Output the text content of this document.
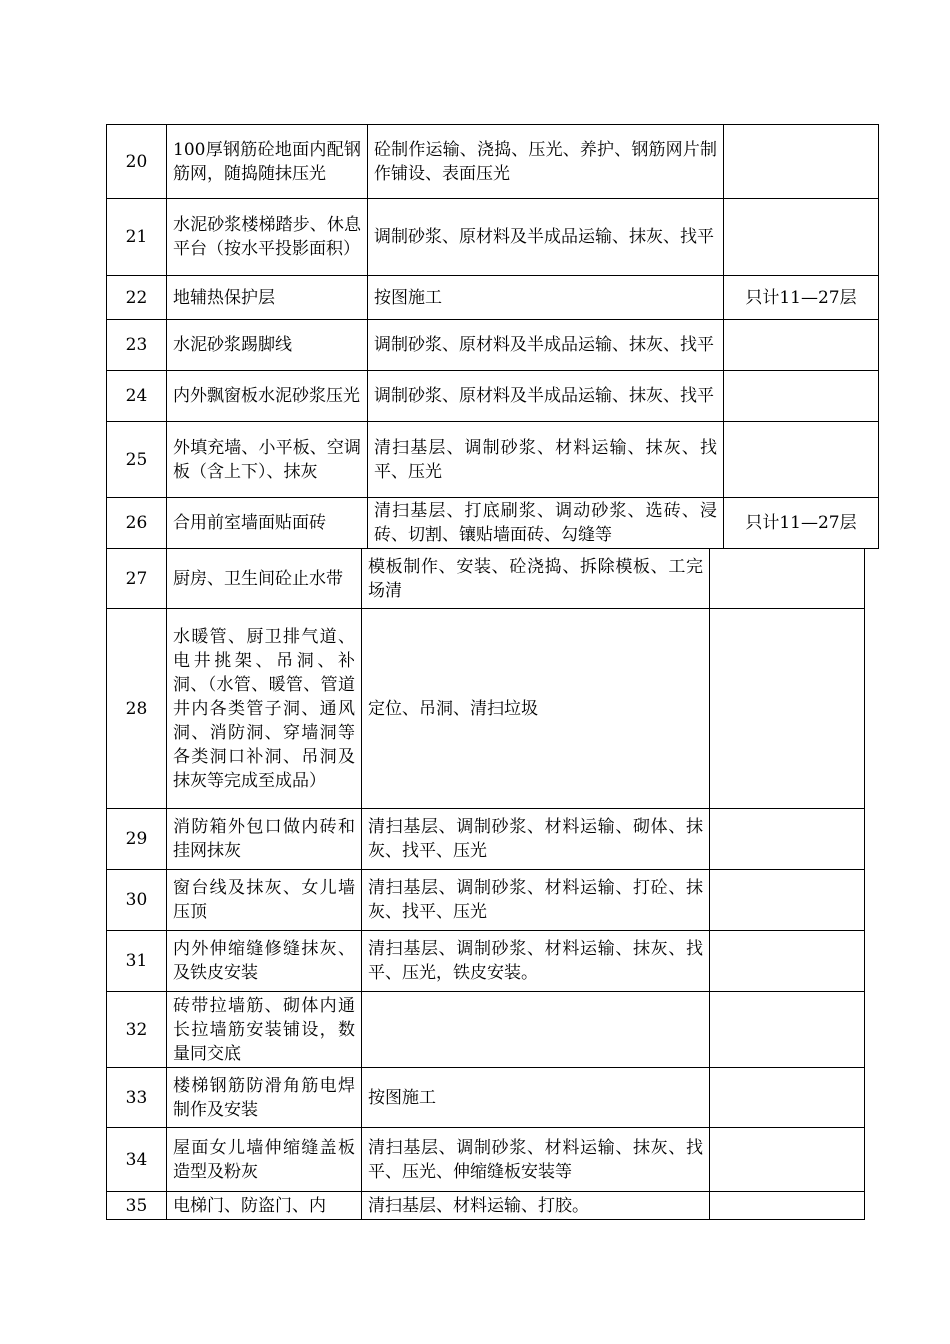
20	100厚钢筋砼地面内配钢筋网，随捣随抹压光	砼制作运输、浇捣、压光、养护、钢筋网片制作铺设、表面压光	
21	水泥砂浆楼梯踏步、休息平台（按水平投影面积）	调制砂浆、原材料及半成品运输、抹灰、找平	
22	地辅热保护层	按图施工	只计11—27层
23	水泥砂浆踢脚线	调制砂浆、原材料及半成品运输、抹灰、找平	
24	内外飘窗板水泥砂浆压光	调制砂浆、原材料及半成品运输、抹灰、找平	
25	外填充墙、小平板、空调板（含上下）、抹灰	清扫基层、调制砂浆、材料运输、抹灰、找平、压光	
26	合用前室墙面贴面砖	清扫基层、打底刷浆、调动砂浆、选砖、浸砖、切割、镶贴墙面砖、勾缝等	只计11—27层
27	厨房、卫生间砼止水带	模板制作、安装、砼浇捣、拆除模板、工完场清	
28	水暖管、厨卫排气道、电井挑架、吊洞、补洞、（水管、暖管、管道井内各类管子洞、通风洞、消防洞、穿墙洞等各类洞口补洞、吊洞及抹灰等完成至成品）	定位、吊洞、清扫垃圾	
29	消防箱外包口做内砖和挂网抹灰	清扫基层、调制砂浆、材料运输、砌体、抹灰、找平、压光	
30	窗台线及抹灰、女儿墙压顶	清扫基层、调制砂浆、材料运输、打砼、抹灰、找平、压光	
31	内外伸缩缝修缝抹灰、及铁皮安装	清扫基层、调制砂浆、材料运输、抹灰、找平、压光，铁皮安装。	
32	砖带拉墙筋、砌体内通长拉墙筋安装铺设，数量同交底		
33	楼梯钢筋防滑角筋电焊制作及安装	按图施工	
34	屋面女儿墙伸缩缝盖板造型及粉灰	清扫基层、调制砂浆、材料运输、抹灰、找平、压光、伸缩缝板安装等	
35	电梯门、防盗门、内	清扫基层、材料运输、打胶。	
